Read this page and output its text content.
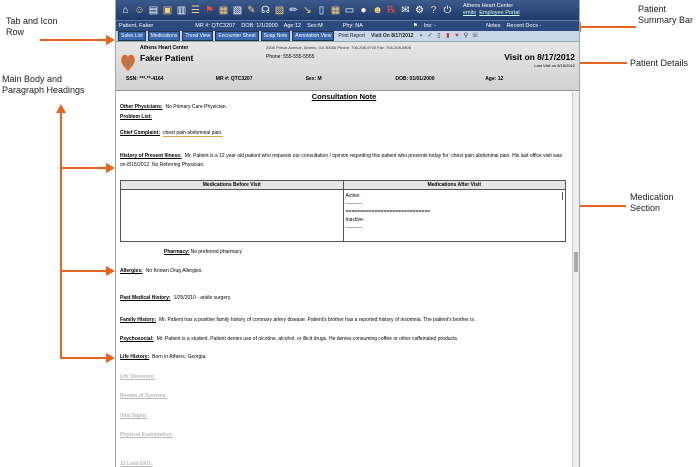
Tab and Icon
Row
Main Body and
Paragraph Headings
Patient
Summary Bar
Patient Details
Medication
Section
⌂ ☺ ▤ ▣ ▥ ☰ ⚑ ▦ ▧ ✎ ☊ ▨ ✏ ↘ ▯ ▦ ▭ ● ☻ ℞ ✉ ⚙ ? ⏻	Athens Heart Center
emits Employee Portal
Patient, Faker	MR #: QTC3207 DOB: 1/1/2000 Age:12 Sex:M	Phy: NA	⚑ Ins: -	Notes Recent Docs -
Sales List	Medications	Trend View	Encounter Sheet	Soap Note	Annotation View	Print Report	Visit On 8/17/2012	▪ ✓ ▯ ▮ ♥ ⚲ ☏
Athens Heart Center
Faker Patient
2005 Prince Avenue, Athens, GA 30606 Phone: 706-208-9700 Fax: 706-208-0806
Phone: 555-555-5555	Visit on 8/17/2012
Last Visit on 8/15/2012
SSN: ***-**-4164	MR #: QTC3207	Sex: M	DOB: 01/01/2000	Age: 12
Consultation Note
Other Physicians: No Primary Care Physician.
Problem List:
Chief Complaint: chest pain abdominal pain.
History of Present Illness: Mr. Patient is a 12 year old patient who requests our consultation / opinion regarding this patient who presents today for: chest pain abdominal pain. His last office visit was on 8/15/2012. No Referring Physician.
Medications Before Visit	Medications After Visit
Active:
----------
=============================
Inactive:
----------
Pharmacy:No preferred pharmacy
Allergies: No Known Drug Allergies.
Past Medical History: 1/25/2010 - ankle surgery.
Family History: Mr. Patient has a positive family history of coronary artery disease. Patient's brother has a reported history of insomnia. The patient's brother is .
Psychosocial: Mr. Patient is a student. Patient denies use of nicotine, alcohol, or illicit drugs. He denies consuming coffee or other caffeinated products.
Life History: Born in Athens, Georgia.
Life Stressors:
Review of Systems:
Vital Signs:
Physical Examination:
12 Lead EKG:
